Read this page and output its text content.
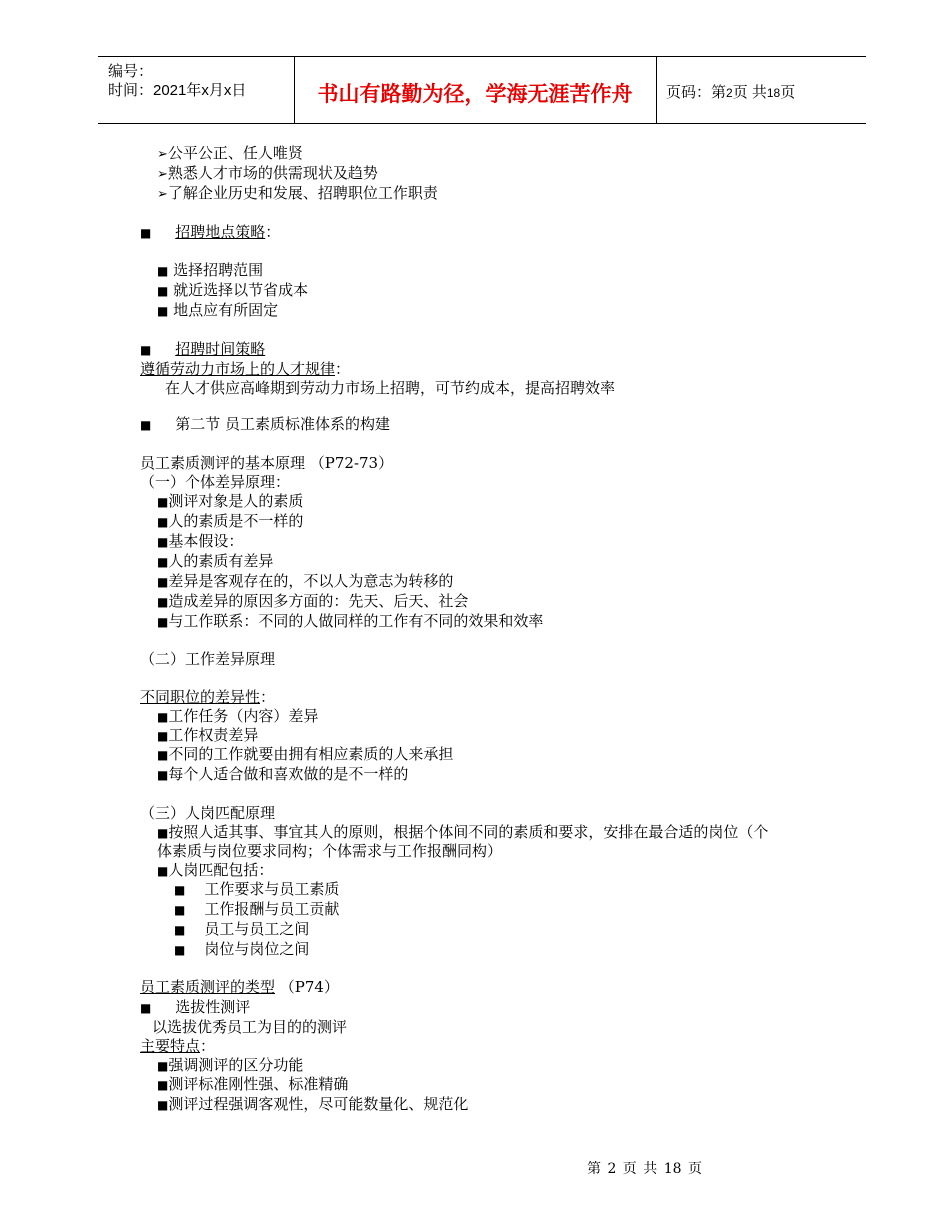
编号：
时间：2021年x月x日	书山有路勤为径，学海无涯苦作舟	页码：第2页 共18页
➢公平公正、任人唯贤
➢熟悉人才市场的供需现状及趋势
➢了解企业历史和发展、招聘职位工作职责
■ 招聘地点策略：
■ 选择招聘范围
■ 就近选择以节省成本
■ 地点应有所固定
■ 招聘时间策略
遵循劳动力市场上的人才规律：
在人才供应高峰期到劳动力市场上招聘，可节约成本，提高招聘效率
■ 第二节 员工素质标准体系的构建
员工素质测评的基本原理 （P72-73）
（一）个体差异原理：
■测评对象是人的素质
■人的素质是不一样的
■基本假设：
■人的素质有差异
■差异是客观存在的，不以人为意志为转移的
■造成差异的原因多方面的：先天、后天、社会
■与工作联系：不同的人做同样的工作有不同的效果和效率
（二）工作差异原理
不同职位的差异性：
■工作任务（内容）差异
■工作权责差异
■不同的工作就要由拥有相应素质的人来承担
■每个人适合做和喜欢做的是不一样的
（三）人岗匹配原理
■按照人适其事、事宜其人的原则，根据个体间不同的素质和要求，安排在最合适的岗位（个
体素质与岗位要求同构；个体需求与工作报酬同构）
■人岗匹配包括：
■ 工作要求与员工素质
■ 工作报酬与员工贡献
■ 员工与员工之间
■ 岗位与岗位之间
员工素质测评的类型 （P74）
■ 选拔性测评
以选拔优秀员工为目的的测评
主要特点：
■强调测评的区分功能
■测评标准刚性强、标准精确
■测评过程强调客观性，尽可能数量化、规范化
第 2 页 共 18 页
